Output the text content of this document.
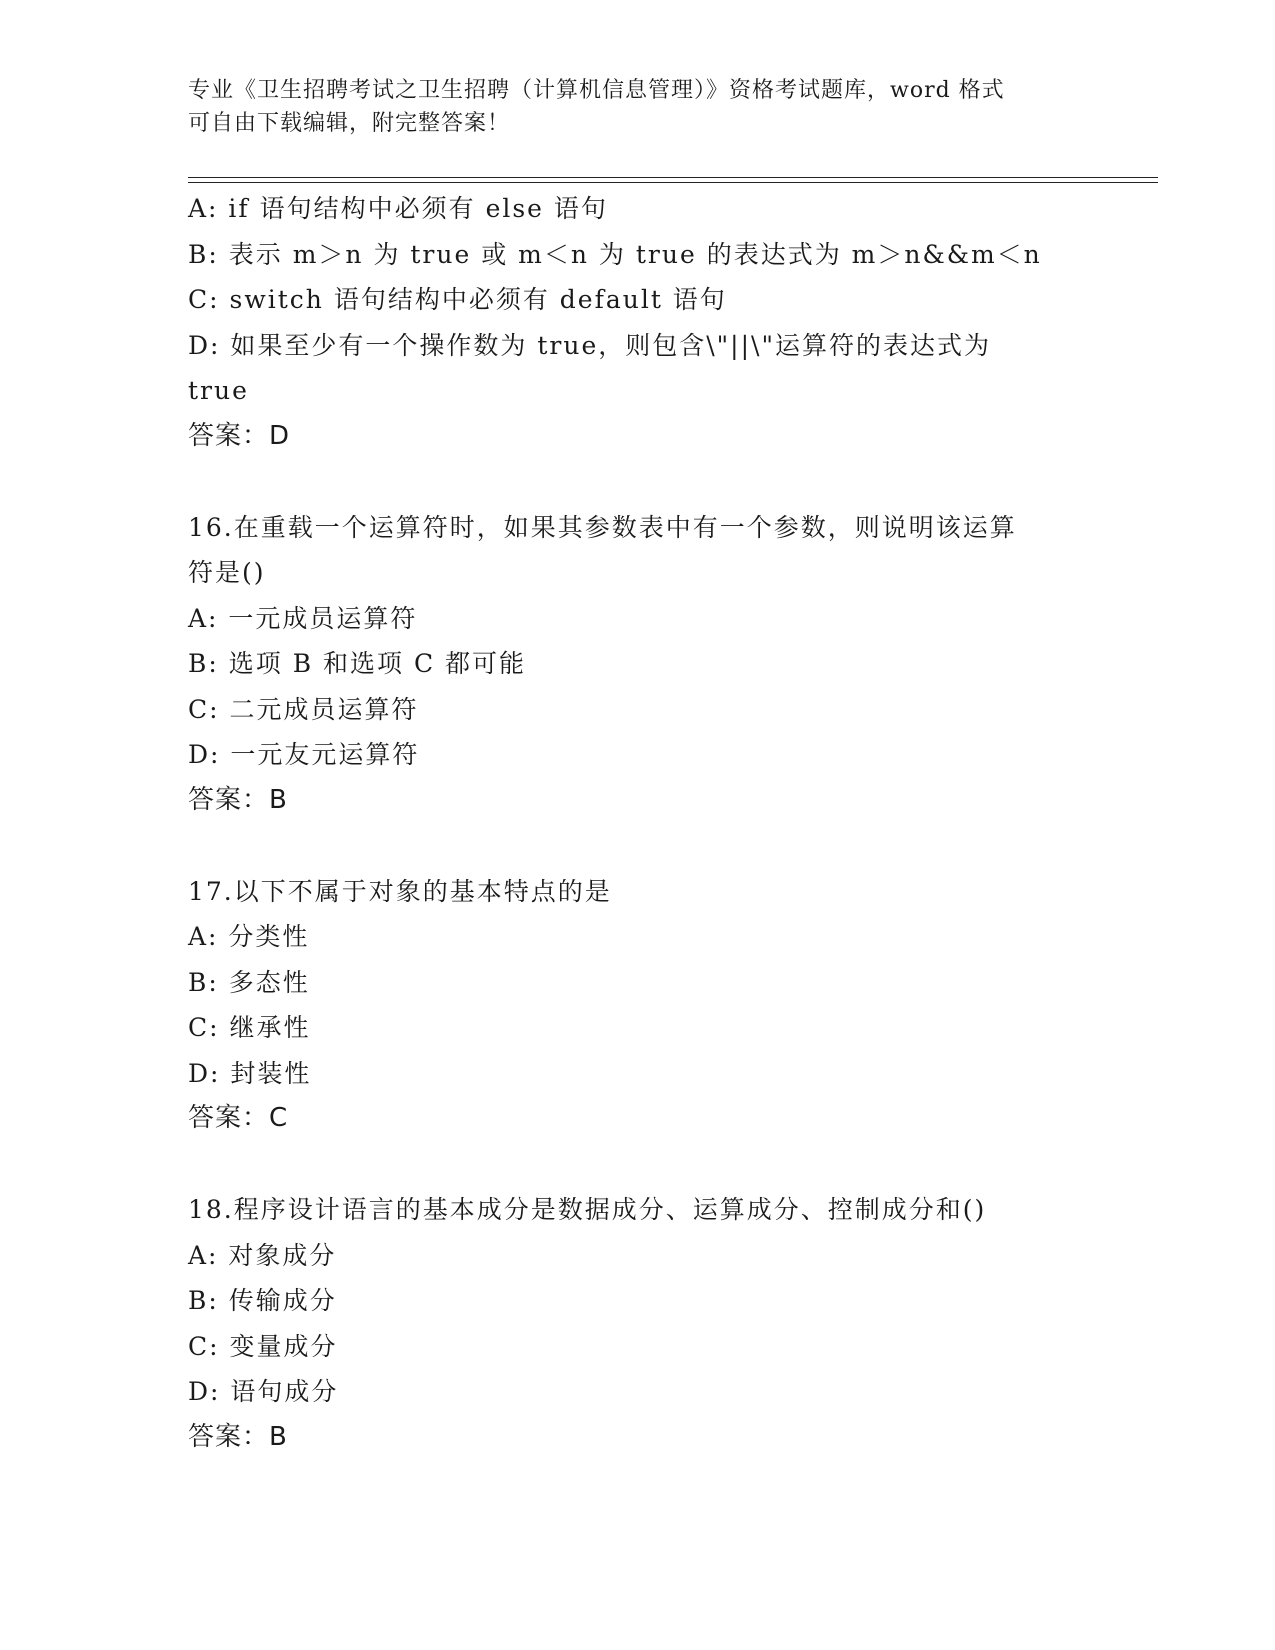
专业《卫生招聘考试之卫生招聘（计算机信息管理）》资格考试题库，word 格式
可自由下载编辑，附完整答案！
A: if 语句结构中必须有 else 语句
B: 表示 m＞n 为 true 或 m＜n 为 true 的表达式为 m＞n&&m＜n
C: switch 语句结构中必须有 default 语句
D: 如果至少有一个操作数为 true，则包含\"||\"运算符的表达式为
true
答案：D
16.在重载一个运算符时，如果其参数表中有一个参数，则说明该运算
符是()
A: 一元成员运算符
B: 选项 B 和选项 C 都可能
C: 二元成员运算符
D: 一元友元运算符
答案：B
17.以下不属于对象的基本特点的是
A: 分类性
B: 多态性
C: 继承性
D: 封装性
答案：C
18.程序设计语言的基本成分是数据成分、运算成分、控制成分和()
A: 对象成分
B: 传输成分
C: 变量成分
D: 语句成分
答案：B
